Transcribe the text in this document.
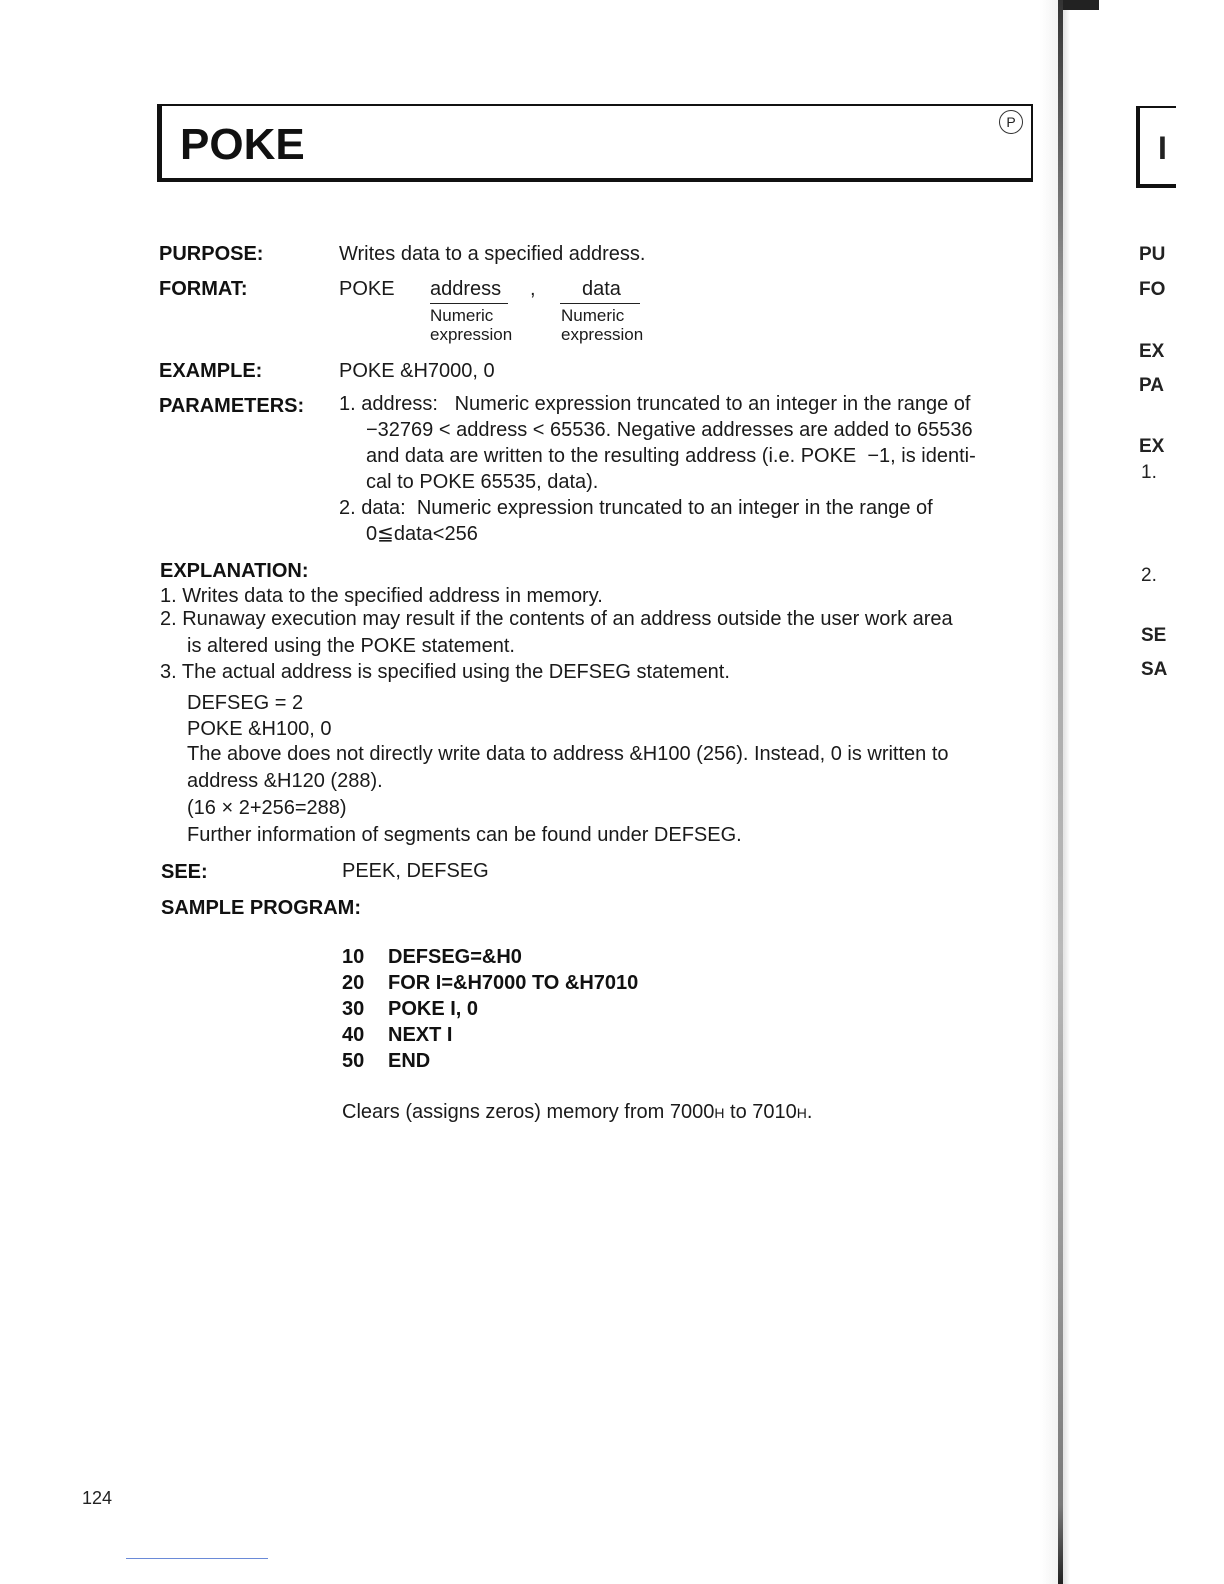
POKE	P
PURPOSE:	Writes data to a specified address.
FORMAT:	POKE address , data
Numeric
expression
Numeric
expression
EXAMPLE:	POKE &H7000, 0
PARAMETERS: 1. address:   Numeric expression truncated to an integer in the range of
−32769 < address < 65536. Negative addresses are added to 65536
and data are written to the resulting address (i.e. POKE  −1, is identi-
cal to POKE 65535, data).
2. data:  Numeric expression truncated to an integer in the range of
0≦data<256
EXPLANATION:
1. Writes data to the specified address in memory.
2. Runaway execution may result if the contents of an address outside the user work area
is altered using the POKE statement.
3. The actual address is specified using the DEFSEG statement.
DEFSEG = 2
POKE &H100, 0
The above does not directly write data to address &H100 (256). Instead, 0 is written to
address &H120 (288).
(16 × 2+256=288)
Further information of segments can be found under DEFSEG.
SEE:	PEEK, DEFSEG
SAMPLE PROGRAM:
10 DEFSEG=&H0
20 FOR I=&H7000 TO &H7010
30 POKE I, 0
40 NEXT I
50 END
Clears (assigns zeros) memory from 7000H to 7010H.
124
I
PU
FO
EX
PA
EX
1.
2.
SE
SA
